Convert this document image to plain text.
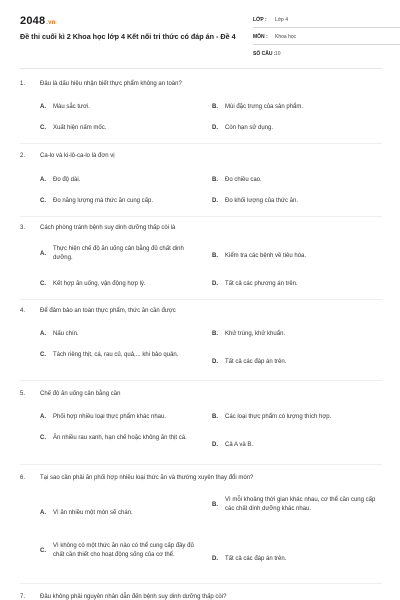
2048.vn
Đề thi cuối kì 2 Khoa học lớp 4 Kết nối tri thức có đáp án - Đề 4
LỚP : Lớp 4
MÔN : Khoa học
SỐ CÂU : 10
1.	Đâu là dấu hiệu nhận biết thực phẩm không an toàn?
A.	Màu sắc tươi.	B.	Mùi đặc trưng của sản phẩm.
C.	Xuất hiện nấm mốc.	D.	Còn hạn sử dụng.
2.	Ca-lo và ki-lô-ca-lo là đơn vị
A.	Đo độ dài.	B.	Đo chiều cao.
C.	Đo năng lượng mà thức ăn cung cấp.	D.	Đo khối lượng của thức ăn.
3.	Cách phòng tránh bệnh suy dinh dưỡng thấp còi là
A.
Thực hiện chế độ ăn uống cân bằng đủ chất dinh dưỡng.	B.	Kiểm tra các bệnh về tiêu hóa.
C.	Kết hợp ăn uống, vận động hợp lý.	D.	Tất cả các phương án trên.
4.	Để đảm bảo an toàn thực phẩm, thức ăn cần được
A.	Nấu chín.	B.	Khử trùng, khử khuẩn.
C.	Tách riêng thịt, cá, rau củ, quả,... khi bảo quản.
D.	Tất cả các đáp án trên.
5.	Chế độ ăn uống cân bằng cần
A.	Phối hợp nhiều loại thực phẩm khác nhau.	B.	Các loại thực phẩm có lượng thích hợp.
C.	Ăn nhiều rau xanh, hạn chế hoặc không ăn thịt cá.
D.	Cả A và B.
6.	Tại sao cần phải ăn phối hợp nhiều loại thức ăn và thường xuyên thay đổi món?
A.	Vì ăn nhiều một món sẽ chán.
B.
Vì mỗi khoảng thời gian khác nhau, cơ thể cần cung cấp các chất dinh dưỡng khác nhau.
C.
Vì không có một thức ăn nào có thể cung cấp đầy đủ chất cần thiết cho hoạt động sống của cơ thể.
D.	Tất cả các đáp án trên.
7.	Đâu không phải nguyên nhân dẫn đến bệnh suy dinh dưỡng thấp còi?
